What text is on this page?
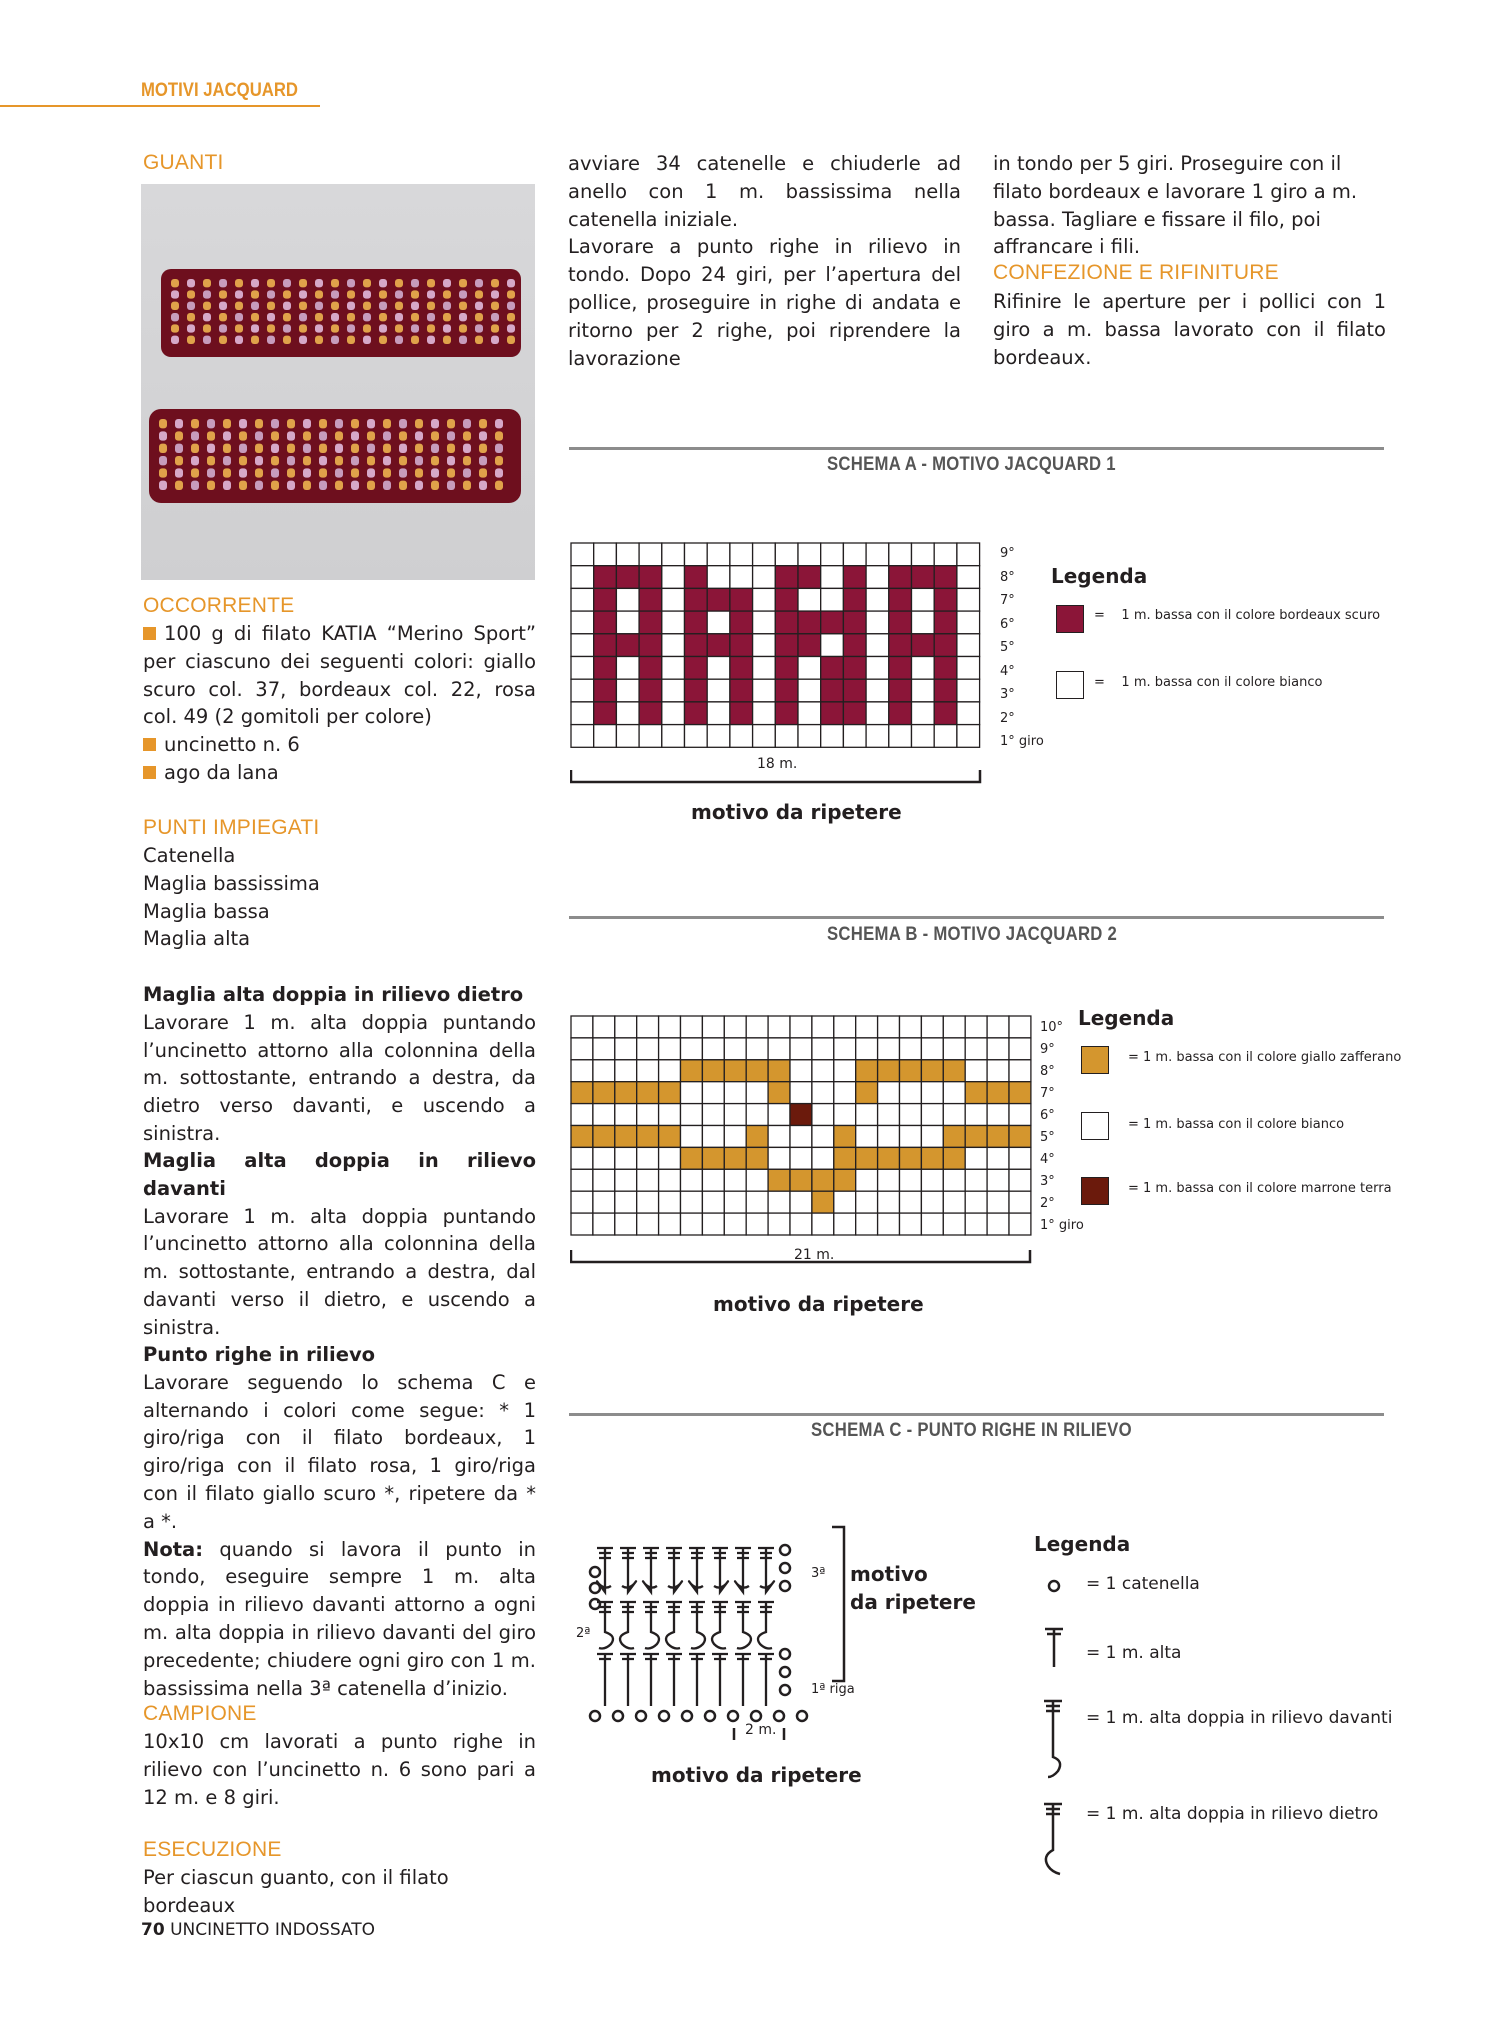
MOTIVI JACQUARD
GUANTI
OCCORRENTE

100 g di filato KATIA “Merino Sport” per ciascuno dei seguenti colori: giallo scuro col. 37, bordeaux col. 22, rosa col. 49 (2 gomitoli per colore)

uncinetto n. 6

ago da lana

PUNTI IMPIEGATI

Catenella

Maglia bassissima

Maglia bassa

Maglia alta

Maglia alta doppia in rilievo dietro

Lavorare 1 m. alta doppia puntando l’uncinetto attorno alla colonnina della m. sottostante, entrando a destra, da dietro verso davanti, e uscendo a sinistra.

Maglia alta doppia in rilievo davanti

Lavorare 1 m. alta doppia puntando l’uncinetto attorno alla colonnina della m. sottostante, entrando a destra, dal davanti verso il dietro, e uscendo a sinistra.

Punto righe in rilievo

Lavorare seguendo lo schema C e alternando i colori come segue: * 1 giro/riga con il filato bordeaux, 1 giro/riga con il filato rosa, 1 giro/riga con il filato giallo scuro *, ripetere da * a *.

Nota: quando si lavora il punto in tondo, eseguire sempre 1 m. alta doppia in rilievo davanti attorno a ogni m. alta doppia in rilievo davanti del giro precedente; chiudere ogni giro con 1 m. bassissima nella 3ª catenella d’inizio.

CAMPIONE
10x10 cm lavorati a punto righe in rilievo con l’uncinetto n. 6 sono pari a 12 m. e 8 giri.
ESECUZIONE
Per ciascun guanto, con il filato bordeaux
70 UNCINETTO INDOSSATO

avviare 34 catenelle e chiuderle ad anello con 1 m. bassissima nella catenella iniziale.

Lavorare a punto righe in rilievo in tondo. Dopo 24 giri, per l’apertura del pollice, proseguire in righe di andata e ritorno per 2 righe, poi riprendere la lavorazione

in tondo per 5 giri. Proseguire con il filato bordeaux e lavorare 1 giro a m. bassa. Tagliare e fissare il filo, poi affrancare i fili.
CONFEZIONE E RIFINITURE
Rifinire le aperture per i pollici con 1 giro a m. bassa lavorato con il filato bordeaux.
SCHEMA A - MOTIVO JACQUARD 1
9°
8°
7°
6°
5°
4°
3°
2°
1° giro
18 m.
motivo da ripetere
Legenda
=    1 m. bassa con il colore bordeaux scuro
=    1 m. bassa con il colore bianco
SCHEMA B - MOTIVO JACQUARD 2
10°
9°
8°
7°
6°
5°
4°
3°
2°
1° giro
21 m.
motivo da ripetere
Legenda
= 1 m. bassa con il colore giallo zafferano
= 1 m. bassa con il colore bianco
= 1 m. bassa con il colore marrone terra
SCHEMA C - PUNTO RIGHE IN RILIEVO
3ª
2ª
1ª riga
2 m.
motivo
da ripetere
motivo da ripetere
Legenda
= 1 catenella
= 1 m. alta
= 1 m. alta doppia in rilievo davanti
= 1 m. alta doppia in rilievo dietro
